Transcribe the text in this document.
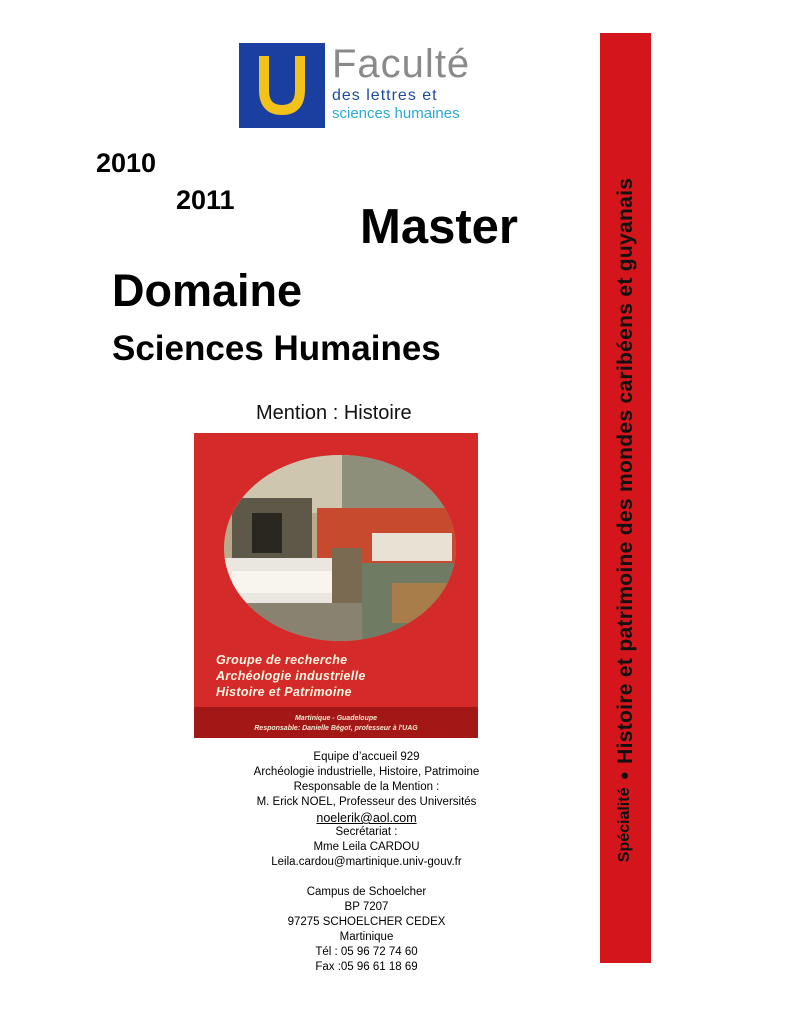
Faculté
des lettres et
sciences humaines
2010
2011	Master
Domaine
Sciences Humaines
Mention : Histoire
Groupe de recherche
Archéologie industrielle
Histoire et Patrimoine
Martinique - Guadeloupe
Responsable: Danielle Bégot, professeur à l'UAG
Equipe d’accueil 929
Archéologie industrielle, Histoire, Patrimoine
Responsable de la Mention :
M. Erick NOEL, Professeur des Universités
noelerik@aol.com
Secrétariat :
Mme Leila CARDOU
Leila.cardou@martinique.univ-gouv.fr
Campus de Schoelcher
BP 7207
97275 SCHOELCHER CEDEX
Martinique
Tél : 05 96 72 74 60
Fax :05 96 61 18 69
Spécialité
•
Histoire et patrimoine des mondes caribéens et guyanais
